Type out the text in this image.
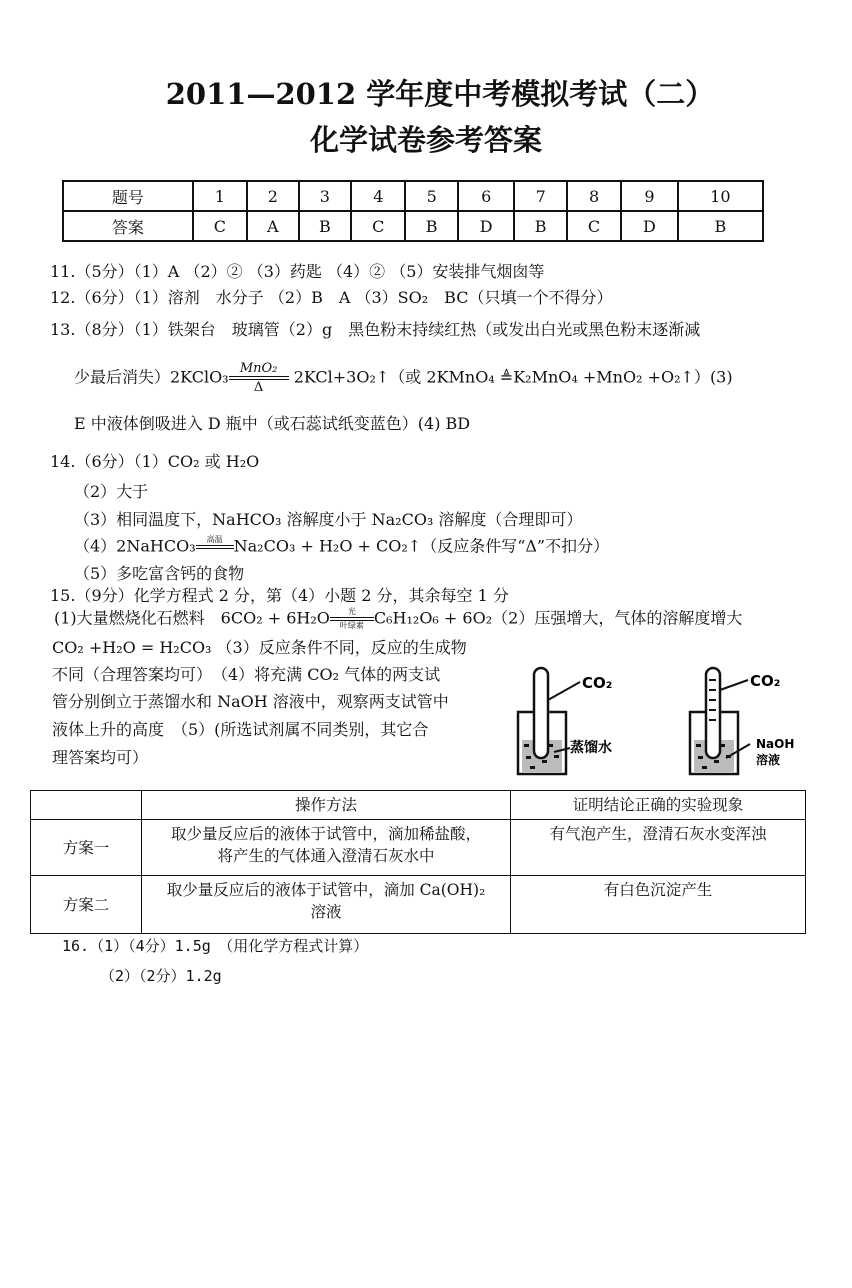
2011—2012 学年度中考模拟考试（二）
化学试卷参考答案
题号	1	2	3	4	5	6	7	8	9	10
答案	C	A	B	C	B	D	B	C	D	B
11.（5分）（1）A （2）② （3）药匙 （4）② （5）安装排气烟囱等
12.（6分）（1）溶剂　水分子 （2）B　A （3）SO₂　BC（只填一个不得分）
13.（8分）（1）铁架台　玻璃管（2）g　黑色粉末持续红热（或发出白光或黑色粉末逐渐减
少最后消失）2KClO₃ MnO₂
Δ
2KCl+3O₂↑（或 2KMnO₄ ≜K₂MnO₄ +MnO₂ +O₂↑）(3)
E 中液体倒吸进入 D 瓶中（或石蕊试纸变蓝色）(4) BD
14.（6分）（1）CO₂ 或 H₂O
（2）大于
（3）相同温度下，NaHCO₃ 溶解度小于 Na₂CO₃ 溶解度（合理即可）
（4）2NaHCO₃	高温 Na₂CO₃ + H₂O + CO₂↑（反应条件写“Δ”不扣分）
（5）多吃富含钙的食物
15.（9分）化学方程式 2 分，第（4）小题 2 分，其余每空 1 分
(1)大量燃烧化石燃料　6CO₂ + 6H₂O	光
叶绿素 C₆H₁₂O₆ + 6O₂（2）压强增大，气体的溶解度增大
CO₂ +H₂O = H₂CO₃ （3）反应条件不同，反应的生成物
不同（合理答案均可）　（4）将充满 CO₂ 气体的两支试
管分别倒立于蒸馏水和 NaOH 溶液中，观察两支试管中
液体上升的高度　（5）(所选试剂属不同类别，其它合
理答案均可）
CO₂
蒸馏水
CO₂
NaOH
溶液
	操作方法	证明结论正确的实验现象
方案一	取少量反应后的液体于试管中，滴加稀盐酸，
将产生的气体通入澄清石灰水中	有气泡产生，澄清石灰水变浑浊
方案二	取少量反应后的液体于试管中，滴加 Ca(OH)₂
溶液	有白色沉淀产生
16.（1）（4分）1.5g　（用化学方程式计算）
（2）（2分）1.2g
